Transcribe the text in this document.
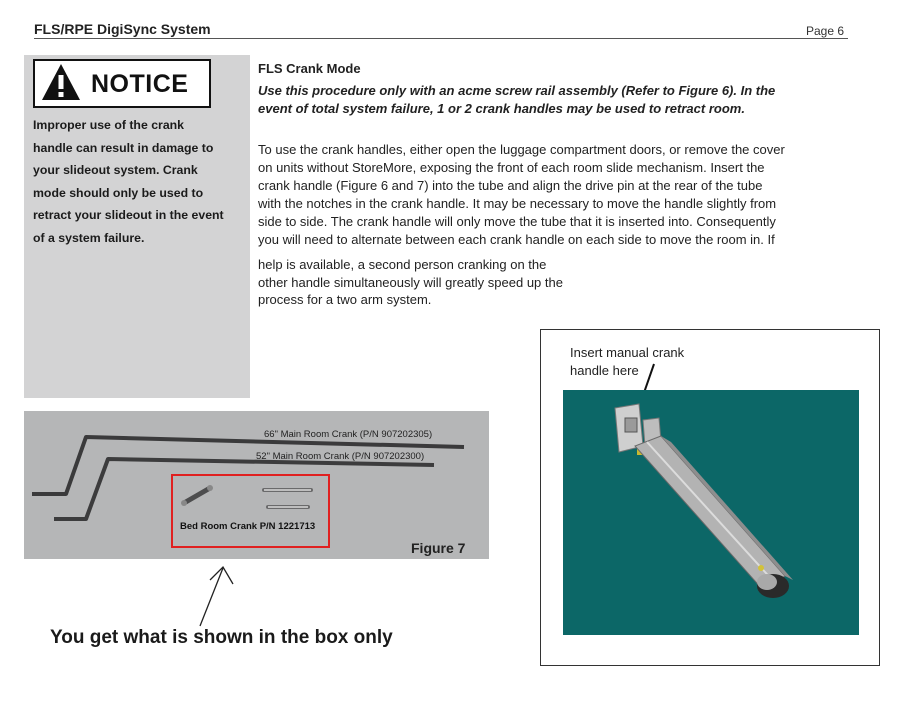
FLS/RPE DigiSync System	Page 6
NOTICE
Improper use of the crank
handle can result in damage to
your slideout system. Crank
mode should only be used to
retract your slideout in the event
of a system failure.
FLS Crank Mode
Use this procedure only with an acme screw rail assembly (Refer to Figure 6). In the
event of total system failure, 1 or 2 crank handles may be used to retract room.
To use the crank handles, either open the luggage compartment doors, or remove the cover
on units without StoreMore, exposing the front of each room slide mechanism. Insert the
crank handle (Figure 6 and 7) into the tube and align the drive pin at the rear of the tube
with the notches in the crank handle. It may be necessary to move the handle slightly from
side to side. The crank handle will only move the tube that it is inserted into. Consequently
you will need to alternate between each crank handle on each side to move the room in. If
help is available, a second person cranking on the
other handle simultaneously will greatly speed up the
process for a two arm system.
66" Main Room Crank (P/N 907202305)
52" Main Room Crank (P/N 907202300)
Bed Room Crank P/N 1221713
Figure 7
You get what is shown in the box only
Insert manual crank
handle here
